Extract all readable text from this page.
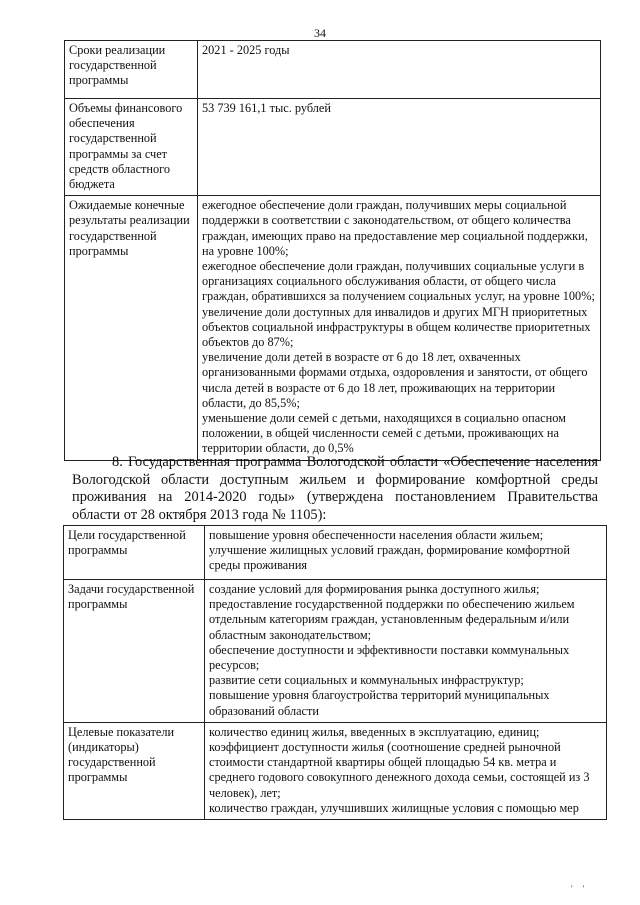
34
Сроки реализации государственной программы	2021 - 2025 годы

Объемы финансового обеспечения государственной программы за счет средств областного бюджета	53 739 161,1 тыс. рублей

Ожидаемые конечные результаты реализации государственной программы	ежегодное обеспечение доли граждан, получивших меры социальной поддержки в соответствии с законодательством, от общего количества граждан, имеющих право на предоставление мер социальной поддержки, на уровне 100%;
ежегодное обеспечение доли граждан, получивших социальные услуги в организациях социального обслуживания области, от общего числа граждан, обратившихся за получением социальных услуг, на уровне 100%;
увеличение доли доступных для инвалидов и других МГН приоритетных объектов социальной инфраструктуры в общем количестве приоритетных объектов до 87%;
увеличение доли детей в возрасте от 6 до 18 лет, охваченных организованными формами отдыха, оздоровления и занятости, от общего числа детей в возрасте от 6 до 18 лет, проживающих на территории области, до 85,5%;
уменьшение доли семей с детьми, находящихся в социально опасном положении, в общей численности семей с детьми, проживающих на территории области, до 0,5%
8. Государственная программа Вологодской области «Обеспечение населения Вологодской области доступным жильем и формирование комфортной среды проживания на 2014-2020 годы» (утверждена постановлением Правительства области от 28 октября 2013 года № 1105):
Цели государственной программы	повышение уровня обеспеченности населения области жильем;
улучшение жилищных условий граждан, формирование комфортной среды проживания

Задачи государственной программы	создание условий для формирования рынка доступного жилья;
предоставление государственной поддержки по обеспечению жильем отдельным категориям граждан, установленным федеральным и/или областным законодательством;
обеспечение доступности и эффективности поставки коммунальных ресурсов;
развитие сети социальных и коммунальных инфраструктур;
повышение уровня благоустройства территорий муниципальных образований области

Целевые показатели (индикаторы) государственной программы	количество единиц жилья, введенных в эксплуатацию, единиц;
коэффициент доступности жилья (соотношение средней рыночной стоимости стандартной квартиры общей площадью 54 кв. метра и среднего годового совокупного денежного дохода семьи, состоящей из 3 человек), лет;
количество граждан, улучшивших жилищные условия с помощью мер
' '
